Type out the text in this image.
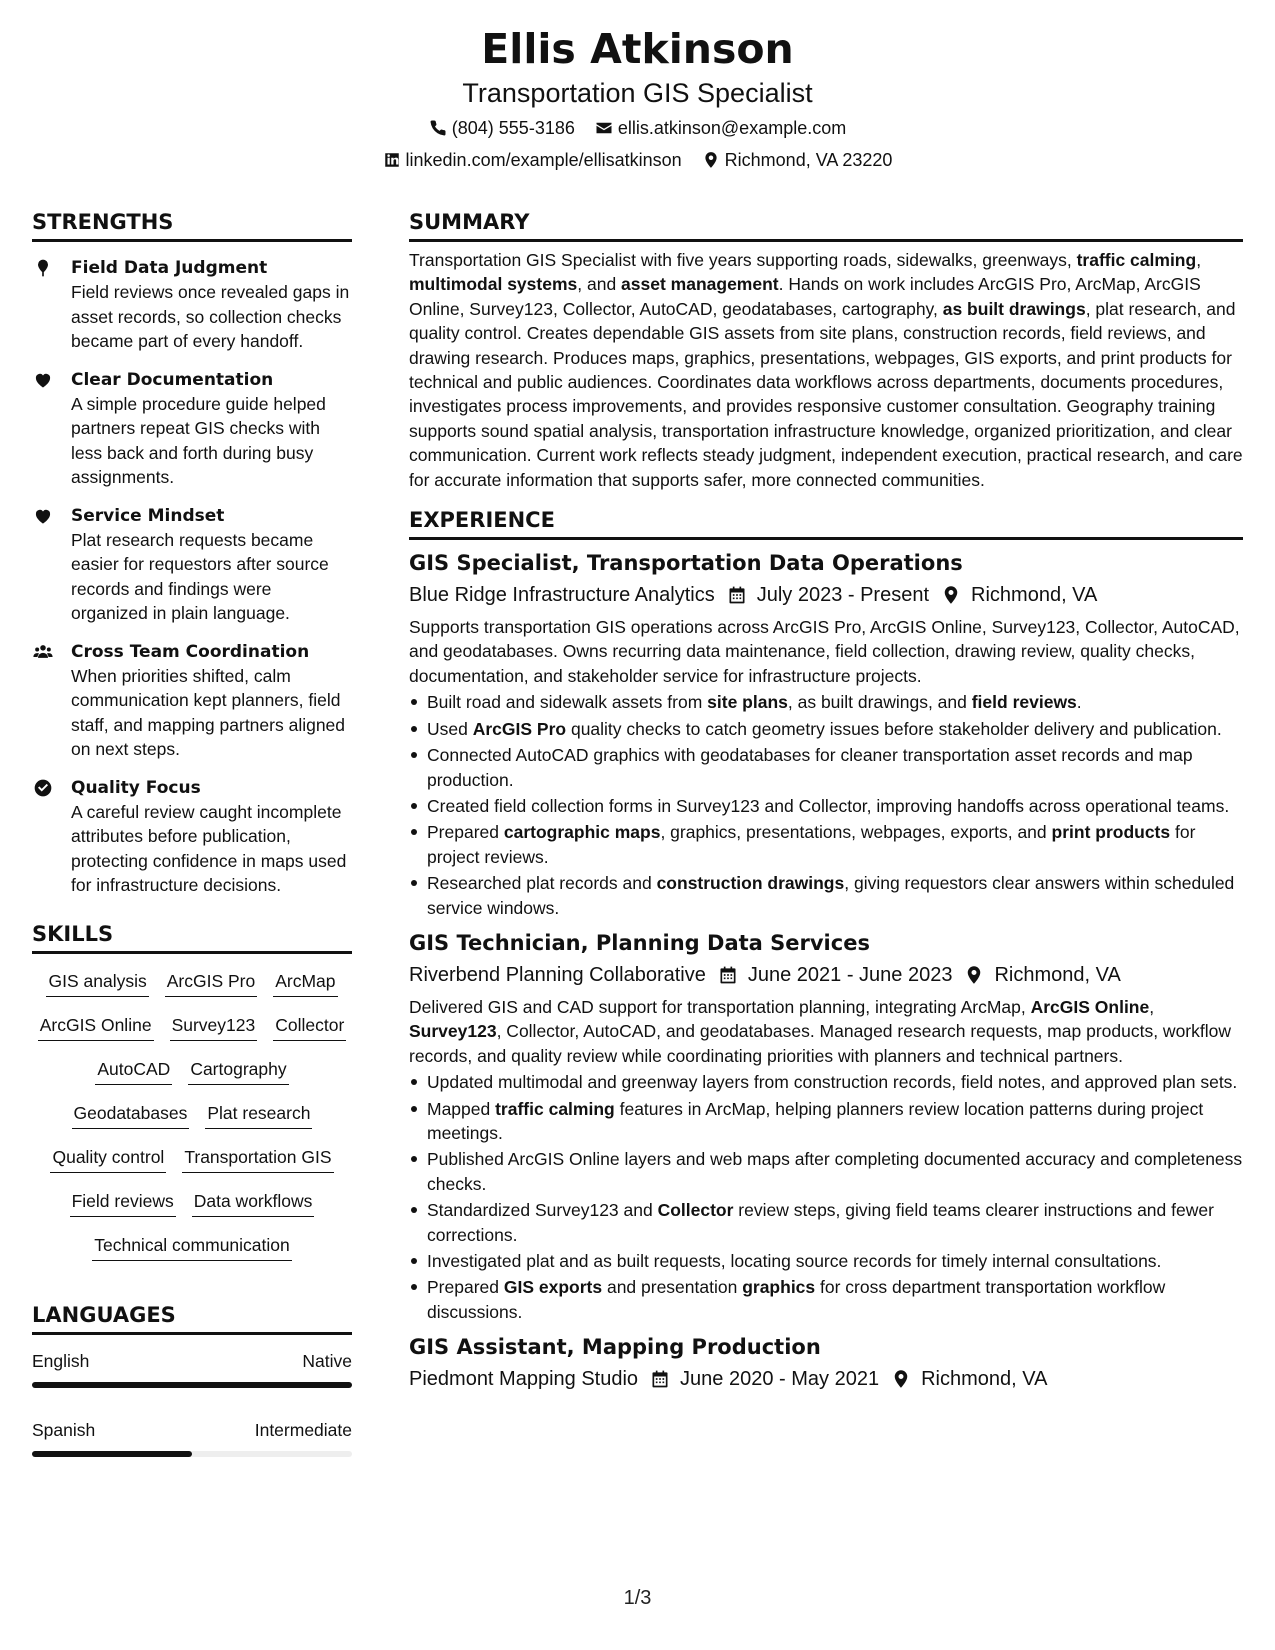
Ellis Atkinson
Transportation GIS Specialist
(804) 555-3186 ellis.atkinson@example.com
linkedin.com/example/ellisatkinson Richmond, VA 23220
STRENGTHS
Field Data Judgment
Field reviews once revealed gaps in asset records, so collection checks became part of every handoff.
Clear Documentation
A simple procedure guide helped partners repeat GIS checks with less back and forth during busy assignments.
Service Mindset
Plat research requests became easier for requestors after source records and findings were organized in plain language.
Cross Team Coordination
When priorities shifted, calm communication kept planners, field staff, and mapping partners aligned on next steps.
Quality Focus
A careful review caught incomplete attributes before publication, protecting confidence in maps used for infrastructure decisions.
SKILLS
GIS analysis ArcGIS Pro ArcMap
ArcGIS Online Survey123 Collector
AutoCAD Cartography
Geodatabases Plat research
Quality control Transportation GIS
Field reviews Data workflows
Technical communication
LANGUAGES
English	Native
Spanish	Intermediate
SUMMARY
Transportation GIS Specialist with five years supporting roads, sidewalks, greenways, traffic calming, multimodal systems, and asset management. Hands on work includes ArcGIS Pro, ArcMap, ArcGIS Online, Survey123, Collector, AutoCAD, geodatabases, cartography, as built drawings, plat research, and quality control. Creates dependable GIS assets from site plans, construction records, field reviews, and drawing research. Produces maps, graphics, presentations, webpages, GIS exports, and print products for technical and public audiences. Coordinates data workflows across departments, documents procedures, investigates process improvements, and provides responsive customer consultation. Geography training supports sound spatial analysis, transportation infrastructure knowledge, organized prioritization, and clear communication. Current work reflects steady judgment, independent execution, practical research, and care for accurate information that supports safer, more connected communities.
EXPERIENCE
GIS Specialist, Transportation Data Operations
Blue Ridge Infrastructure Analytics July 2023 - Present Richmond, VA
Supports transportation GIS operations across ArcGIS Pro, ArcGIS Online, Survey123, Collector, AutoCAD, and geodatabases. Owns recurring data maintenance, field collection, drawing review, quality checks, documentation, and stakeholder service for infrastructure projects.
Built road and sidewalk assets from site plans, as built drawings, and field reviews.
Used ArcGIS Pro quality checks to catch geometry issues before stakeholder delivery and publication.
Connected AutoCAD graphics with geodatabases for cleaner transportation asset records and map production.
Created field collection forms in Survey123 and Collector, improving handoffs across operational teams.
Prepared cartographic maps, graphics, presentations, webpages, exports, and print products for project reviews.
Researched plat records and construction drawings, giving requestors clear answers within scheduled service windows.
GIS Technician, Planning Data Services
Riverbend Planning Collaborative June 2021 - June 2023 Richmond, VA
Delivered GIS and CAD support for transportation planning, integrating ArcMap, ArcGIS Online, Survey123, Collector, AutoCAD, and geodatabases. Managed research requests, map products, workflow records, and quality review while coordinating priorities with planners and technical partners.
Updated multimodal and greenway layers from construction records, field notes, and approved plan sets.
Mapped traffic calming features in ArcMap, helping planners review location patterns during project meetings.
Published ArcGIS Online layers and web maps after completing documented accuracy and completeness checks.
Standardized Survey123 and Collector review steps, giving field teams clearer instructions and fewer corrections.
Investigated plat and as built requests, locating source records for timely internal consultations.
Prepared GIS exports and presentation graphics for cross department transportation workflow discussions.
GIS Assistant, Mapping Production
Piedmont Mapping Studio June 2020 - May 2021 Richmond, VA
1/3
